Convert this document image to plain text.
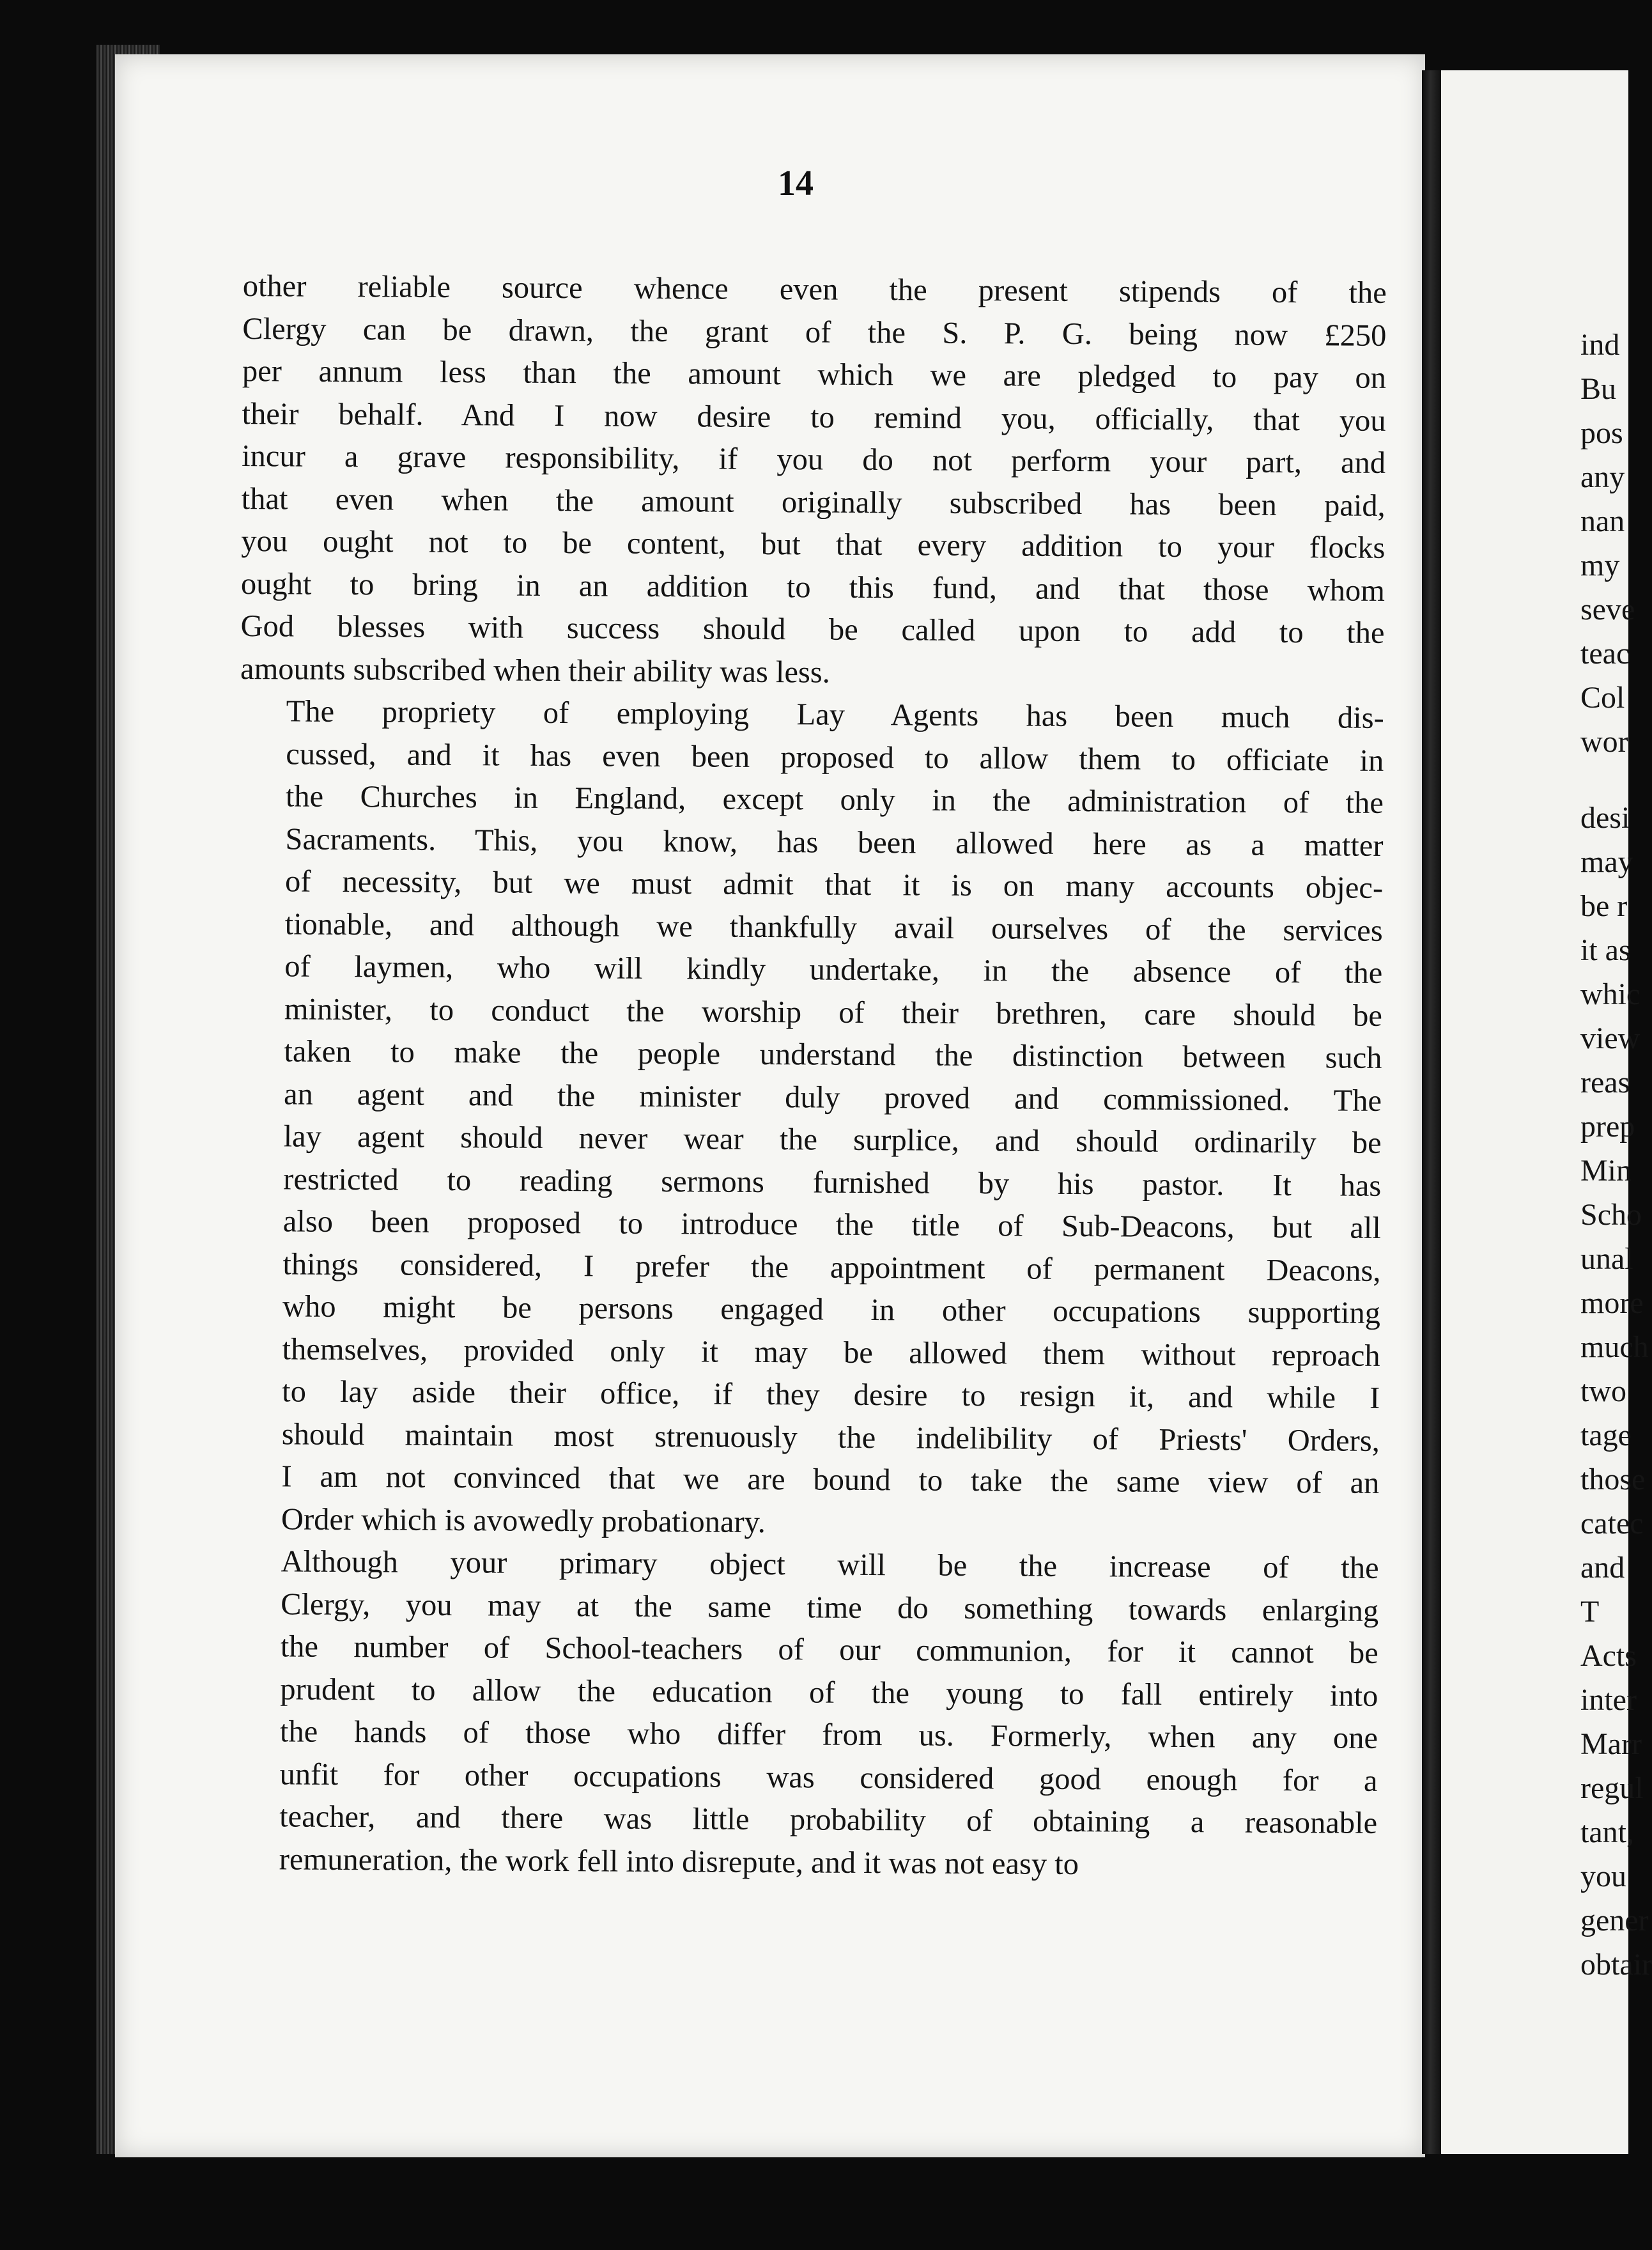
14

other reliable source whence even the present stipends of the
Clergy can be drawn, the grant of the S. P. G. being now £250
per annum less than the amount which we are pledged to pay on
their behalf. And I now desire to remind you, officially, that you
incur a grave responsibility, if you do not perform your part, and
that even when the amount originally subscribed has been paid,
you ought not to be content, but that every addition to your flocks
ought to bring in an addition to this fund, and that those whom
God blesses with success should be called upon to add to the
amounts subscribed when their ability was less.

The propriety of employing Lay Agents has been much dis-
cussed, and it has even been proposed to allow them to officiate in
the Churches in England, except only in the administration of the
Sacraments. This, you know, has been allowed here as a matter
of necessity, but we must admit that it is on many accounts objec-
tionable, and although we thankfully avail ourselves of the services
of laymen, who will kindly undertake, in the absence of the
minister, to conduct the worship of their brethren, care should be
taken to make the people understand the distinction between such
an agent and the minister duly proved and commissioned. The
lay agent should never wear the surplice, and should ordinarily be
restricted to reading sermons furnished by his pastor. It has
also been proposed to introduce the title of Sub-Deacons, but all
things considered, I prefer the appointment of permanent Deacons,
who might be persons engaged in other occupations supporting
themselves, provided only it may be allowed them without reproach
to lay aside their office, if they desire to resign it, and while I
should maintain most strenuously the indelibility of Priests' Orders,
I am not convinced that we are bound to take the same view of an
Order which is avowedly probationary.

Although your primary object will be the increase of the
Clergy, you may at the same time do something towards enlarging
the number of School-teachers of our communion, for it cannot be
prudent to allow the education of the young to fall entirely into
the hands of those who differ from us. Formerly, when any one
unfit for other occupations was considered good enough for a
teacher, and there was little probability of obtaining a reasonable
remuneration, the work fell into disrepute, and it was not easy to

ind
Bu
pos
any
nan
my
seve
teac
Col
wor
desi
may
be r
it as
whic
view
reas
prep
Min
Scho
unal
more
much
two
tage
those
catec
and
T
Acts
inter
Marr
regul
tant,
you
gener
obtair
